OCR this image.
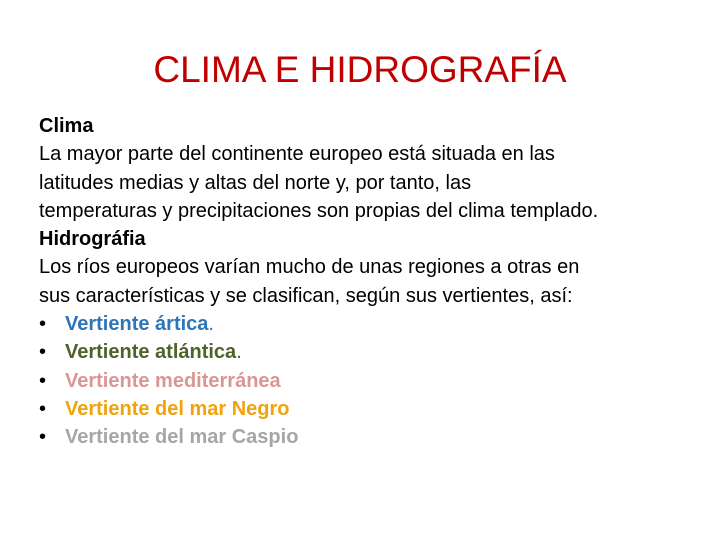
CLIMA E HIDROGRAFÍA

Clima

La mayor parte del continente europeo está situada en las

latitudes medias y altas del norte y, por tanto, las

temperaturas y precipitaciones son propias del clima templado.

Hidrográfia

Los ríos europeos varían mucho de unas regiones a otras en

sus características y se clasifican, según sus vertientes, así:

• Vertiente ártica.

• Vertiente atlántica.

• Vertiente mediterránea

• Vertiente del mar Negro

• Vertiente del mar Caspio
